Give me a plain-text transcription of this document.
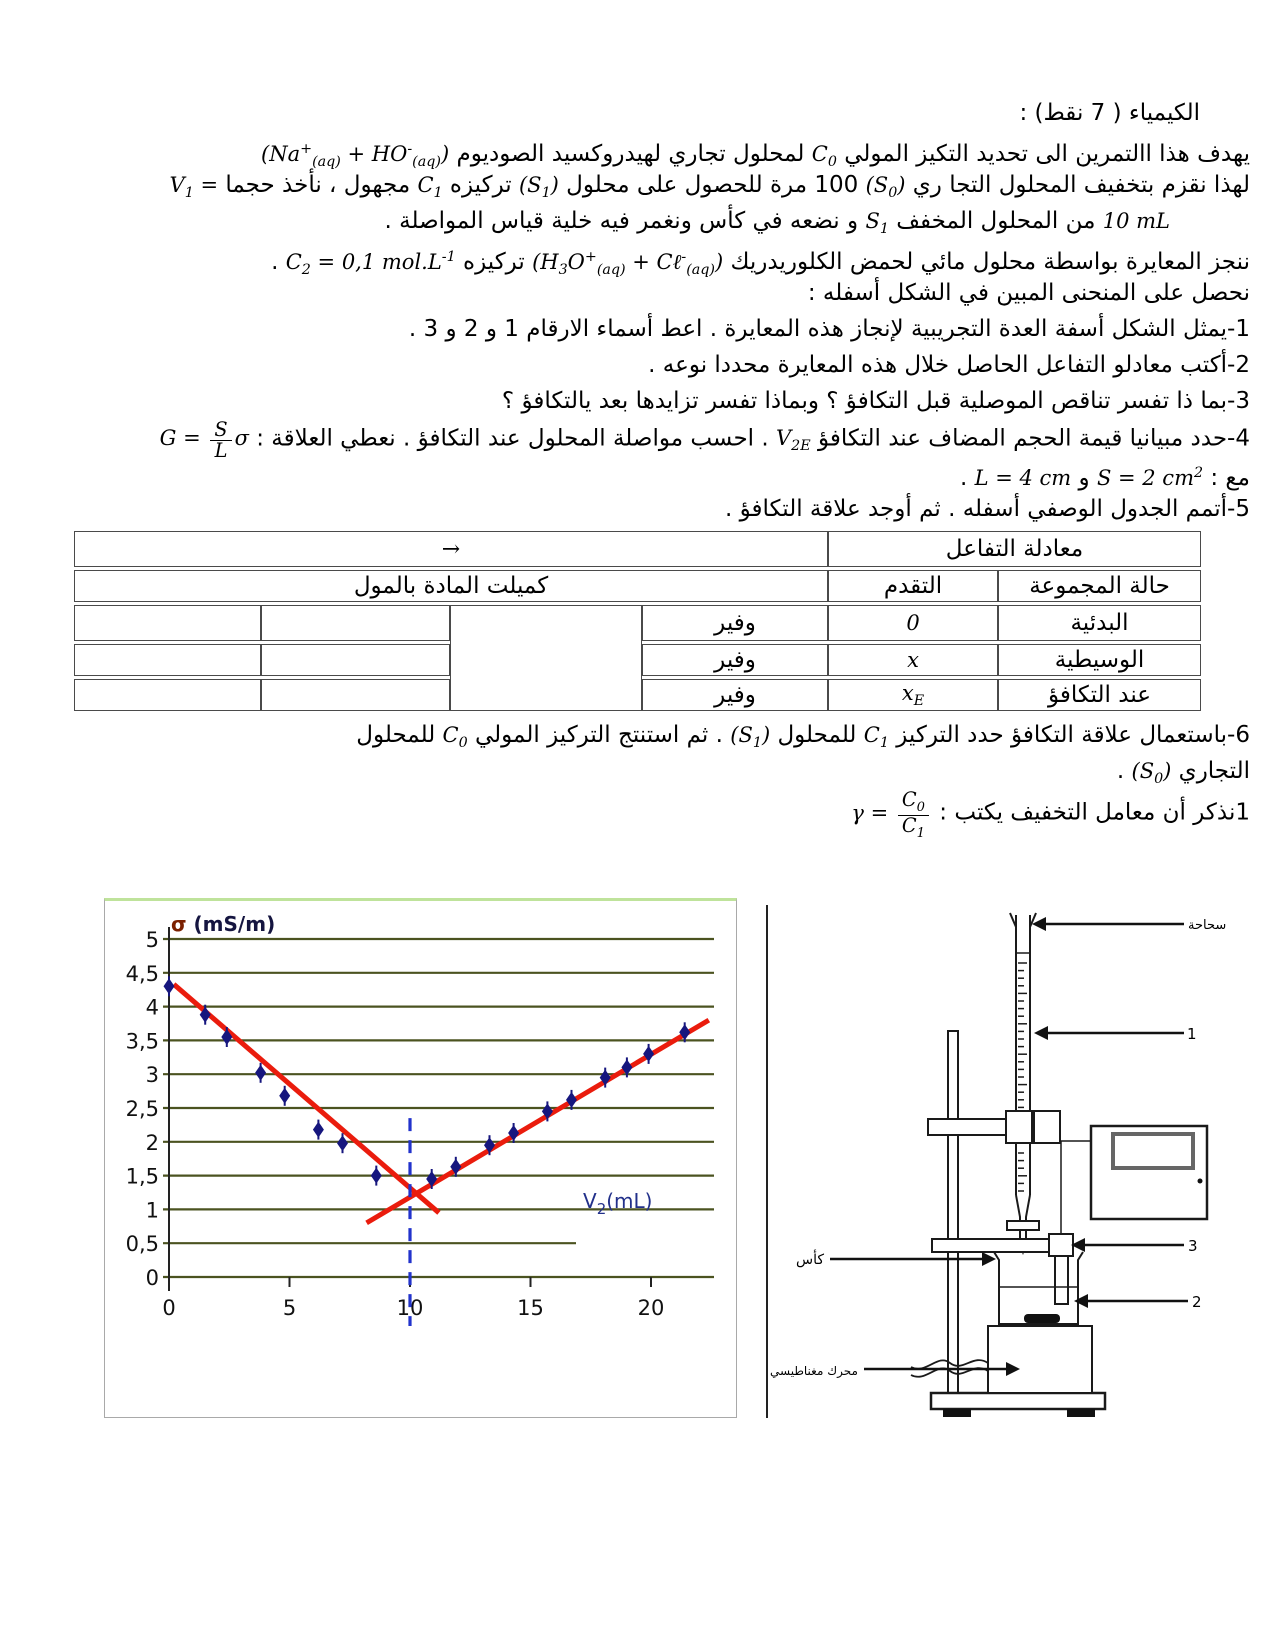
الكيمياء ( 7 نقط) :
يهدف هذا االتمرين الى تحديد التكيز المولي $C_0$ لمحلول تجاري لهيدروكسيد الصوديوم $(Na^+_{(aq)} + HO^-_{(aq)})$
لهذا نقزم بتخفيف المحلول التجا ري $(S_0)$ 100 مرة للحصول على محلول $(S_1)$ تركيزه $C_1$ مجهول ، نأخذ حجما $V_1$ =
10 mL من المحلول المخفف $S_1$ و نضعه في كأس ونغمر فيه خلية قياس المواصلة .
ننجز المعايرة بواسطة محلول مائي لحمض الكلوريدريك ($H_3O^+_{(aq)}$ + Cℓ-$_{(aq)}$) تركيزه $C_2 = 0,1$ $mol.L^{-1}$ .
نحصل على المنحنى المبين في الشكل أسفله :
1-يمثل الشكل أسفة العدة التجريبية لإنجاز هذه المعايرة . اعط أسماء الارقام 1 و 2 و 3 .
2-أكتب معادلو التفاعل الحاصل خلال هذه المعايرة محددا نوعه .
3-بما ذا تفسر تناقص الموصلية قبل التكافؤ ؟ وبماذا تفسر تزايدها بعد يالتكافؤ ؟
4-حدد مبيانيا قيمة الحجم المضاف عند التكافؤ $V_{2E}$ . احسب مواصلة المحلول عند التكافؤ . نعطي العلاقة : $G = \frac{S}{L}$ σ
مع : S = 2 $cm^2$ و L = 4 cm .
5-أتمم الجدول الوصفي أسفله . ثم أوجد علاقة التكافؤ .
معادلة التفاعل		→			
حالة المجموعة	التقدم	كميلت المادة بالمول			
البدئية	0	وفير			
الوسيطية	x	وفير			
عند التكافؤ	$x_E$	وفير			
6-باستعمال علاقة التكافؤ حدد التركيز $C_1$ للمحلول $(S_1)$ . ثم استنتج التركيز المولي $C_0$ للمحلول
التجاري $(S_0)$ .
1نذكر أن معامل التخفيف يكتب : $\gamma = \frac{C_0}{C_1}$
0
0,5
1
1,5
2
2,5
3
3,5
4
4,5
5
0	5	10	15	20
σ (mS/m)
$V_2(mL)$
سحاحة
1
3
2
كأس
محرك مغناطيسي
